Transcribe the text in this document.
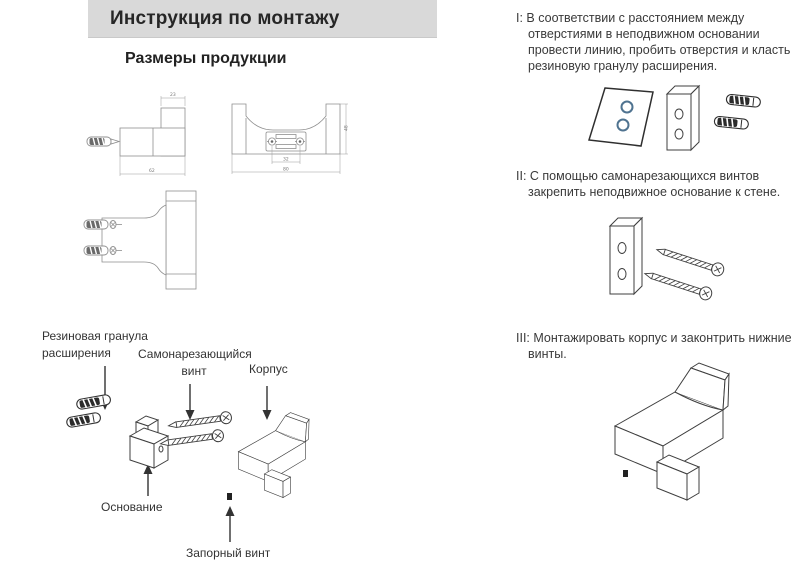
Инструкция по монтажу
Размеры продукции
23
62
32
80
48
Резиновая гранула расширения	Самонарезающийся винт	Корпус
Основание
Запорный винт

I: В соответствии с расстоянием между отверстиями в неподвижном основании провести линию, пробить отверстия и класть резиновую гранулу расширения.

II: С помощью самонарезающихся винтов закрепить неподвижное основание к стене.

III: Монтажировать корпус и законтрить нижние винты.
